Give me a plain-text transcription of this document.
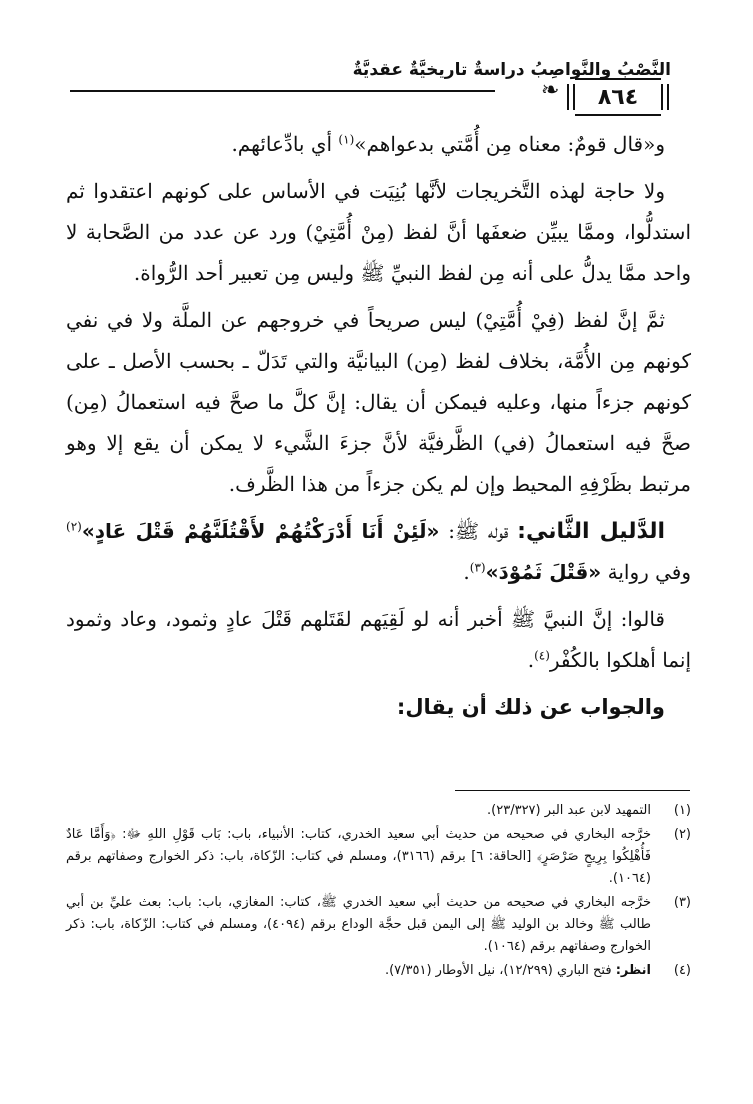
النَّصْبُ والنَّواصِبُ دراسةٌ تاريخيَّةٌ عقديَّةٌ
٨٦٤
❧

و«قال قومٌ: معناه مِن أُمَّتي بدعواهم»$^{(١)}$ أي بادِّعائهم.

ولا حاجة لهذه التَّخريجات لأنَّها بُنِيَت في الأساس على كونهم اعتقدوا ثم استدلُّوا، وممَّا يبيِّن ضعفَها أنَّ لفظ (مِنْ أُمَّتِيْ) ورد عن عدد من الصَّحابة لا واحد ممَّا يدلُّ على أنه مِن لفظ النبيِّ ﷺ وليس مِن تعبير أحد الرُّواة.

ثمَّ إنَّ لفظ (فِيْ أُمَّتِيْ) ليس صريحاً في خروجهم عن الملَّة ولا في نفي كونهم مِن الأُمَّة، بخلاف لفظ (مِن) البيانيَّة والتي تَدَلّ ـ بحسب الأصل ـ على كونهم جزءاً منها، وعليه فيمكن أن يقال: إنَّ كلَّ ما صحَّ فيه استعمالُ (مِن) صحَّ فيه استعمالُ (في) الظَّرفيَّة لأنَّ جزءَ الشَّيء لا يمكن أن يقع إلا وهو مرتبط بظَرْفِهِ المحيط وإن لم يكن جزءاً من هذا الظَّرف.

الدَّليل الثَّاني: قوله ﷺ: «لَئِنْ أَنَا أَدْرَكْتُهُمْ لأَقْتُلَنَّهُمْ قَتْلَ عَادٍ»$^{(٢)}$ وفي رواية «قَتْلَ ثَمُوْدَ»$^{(٣)}$.

قالوا: إنَّ النبيَّ ﷺ أخبر أنه لو لَقِيَهم لقَتَلهم قَتْلَ عادٍ وثمود، وعاد وثمود إنما أهلكوا بالكُفْر$^{(٤)}$.

والجواب عن ذلك أن يقال:

(١)
التمهيد لابن عبد البر (٢٣/٣٢٧).
(٢)
خرَّجه البخاري في صحيحه من حديث أبي سعيد الخدري، كتاب: الأنبياء، باب: بَاب قَوْلِ اللهِ ﷻ: ﴿وَأَمَّا عَادٌ فَأُهْلِكُوا بِرِيحٍ صَرْصَرٍ﴾ [الحاقة: ٦] برقم (٣١٦٦)، ومسلم في كتاب: الزّكاة، باب: ذكر الخوارج وصفاتهم برقم (١٠٦٤).
(٣)
خرَّجه البخاري في صحيحه من حديث أبي سعيد الخدري ﷺ، كتاب: المغازي، باب: باب: بعث عليِّ بن أبي طالب ﷺ وخالد بن الوليد ﷺ إلى اليمن قبل حجَّة الوداع برقم (٤٠٩٤)، ومسلم في كتاب: الزّكاة، باب: ذكر الخوارج وصفاتهم برقم (١٠٦٤).
(٤)
انظر: فتح الباري (١٢/٢٩٩)، نيل الأوطار (٧/٣٥١).
